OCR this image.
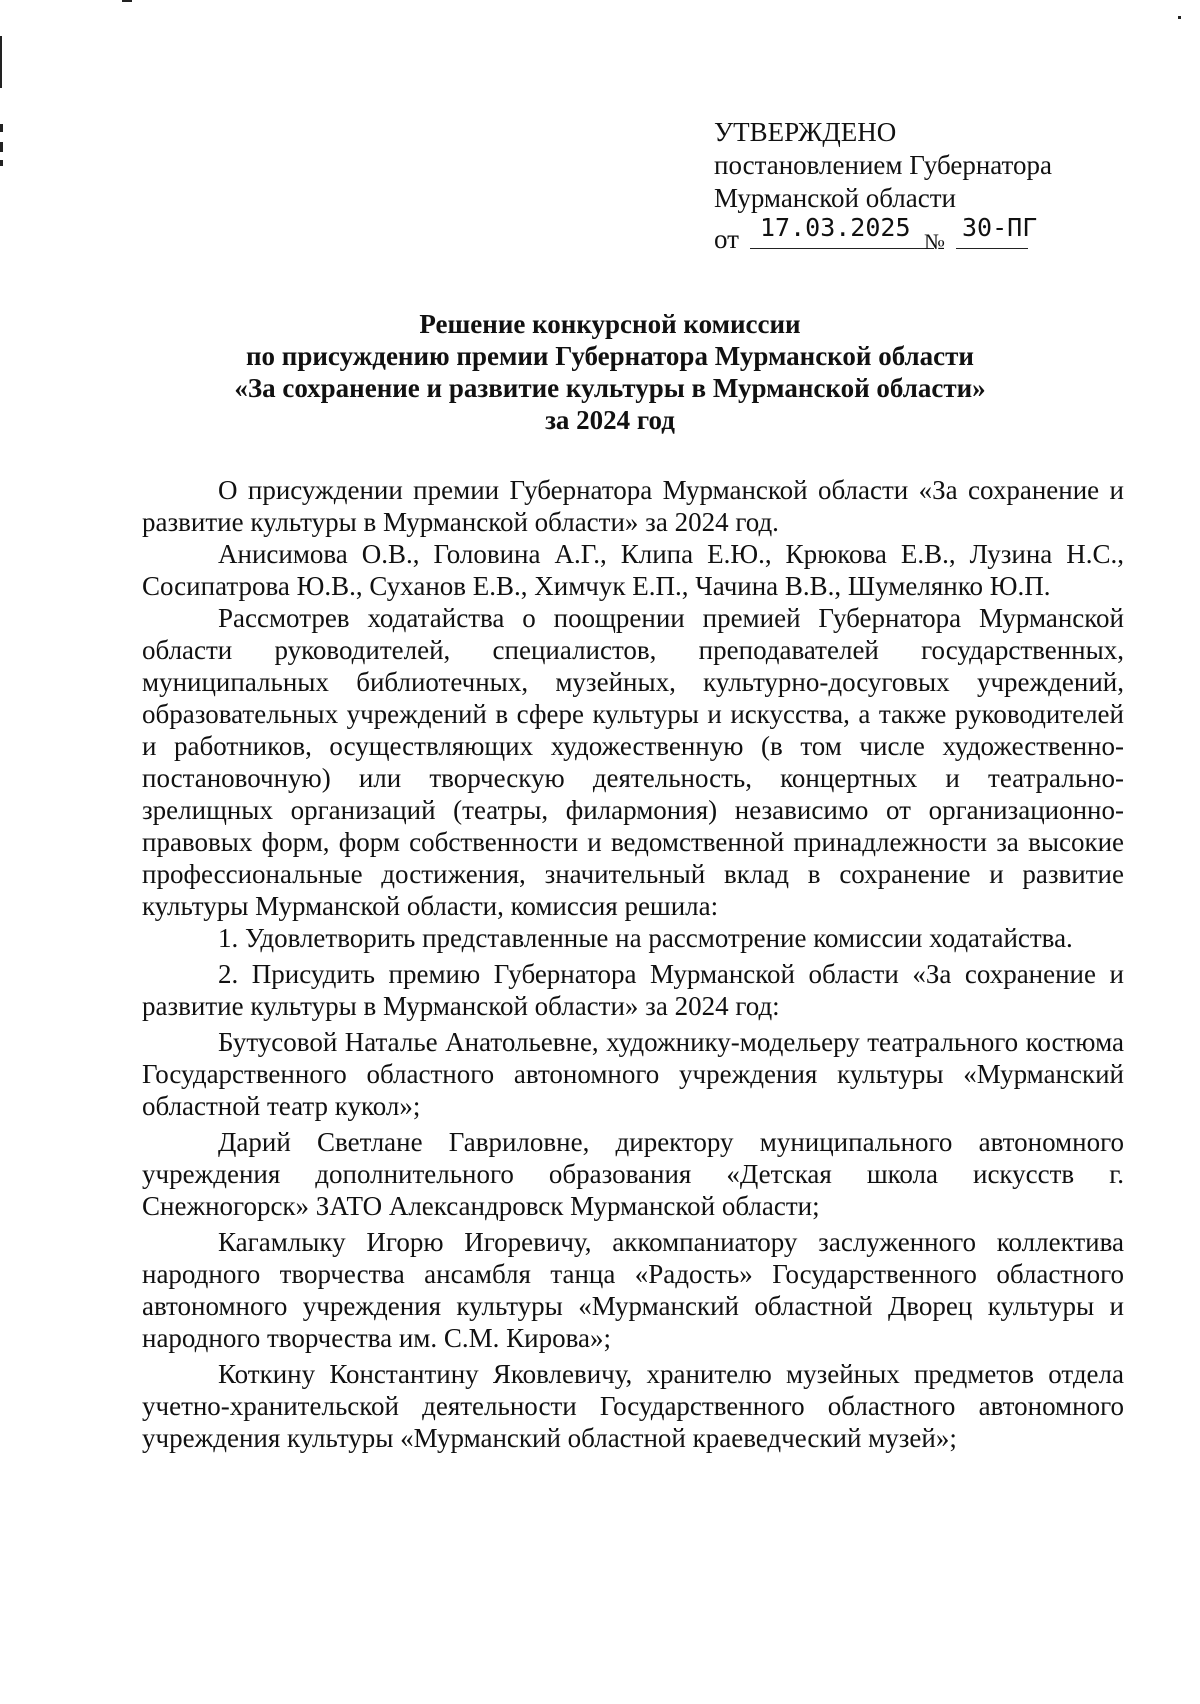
УТВЕРЖДЕНО
постановлением Губернатора
Мурманской области
от 17.03.2025 № 30-ПГ
Решение конкурсной комиссии
по присуждению премии Губернатора Мурманской области
«За сохранение и развитие культуры в Мурманской области»
за 2024 год

О присуждении премии Губернатора Мурманской области «За сохранение и развитие культуры в Мурманской области» за 2024 год.

Анисимова О.В., Головина А.Г., Клипа Е.Ю., Крюкова Е.В., Лузина Н.С., Сосипатрова Ю.В., Суханов Е.В., Химчук Е.П., Чачина В.В., Шумелянко Ю.П.

Рассмотрев ходатайства о поощрении премией Губернатора Мурманской области руководителей, специалистов, преподавателей государственных, муниципальных библиотечных, музейных, культурно-досуговых учреждений, образовательных учреждений в сфере культуры и искусства, а также руководителей и работников, осуществляющих художественную (в том числе художественно-постановочную) или творческую деятельность, концертных и театрально-зрелищных организаций (театры, филармония) независимо от организационно-правовых форм, форм собственности и ведомственной принадлежности за высокие профессиональные достижения, значительный вклад в сохранение и развитие культуры Мурманской области, комиссия решила:

1. Удовлетворить представленные на рассмотрение комиссии ходатайства.

2. Присудить премию Губернатора Мурманской области «За сохранение и развитие культуры в Мурманской области» за 2024 год:

Бутусовой Наталье Анатольевне, художнику-модельеру театрального костюма Государственного областного автономного учреждения культуры «Мурманский областной театр кукол»;

Дарий Светлане Гавриловне, директору муниципального автономного учреждения дополнительного образования «Детская школа искусств г. Снежногорск» ЗАТО Александровск Мурманской области;

Кагамлыку Игорю Игоревичу, аккомпаниатору заслуженного коллектива народного творчества ансамбля танца «Радость» Государственного областного автономного учреждения культуры «Мурманский областной Дворец культуры и народного творчества им. С.М. Кирова»;

Коткину Константину Яковлевичу, хранителю музейных предметов отдела учетно-хранительской деятельности Государственного областного автономного учреждения культуры «Мурманский областной краеведческий музей»;
